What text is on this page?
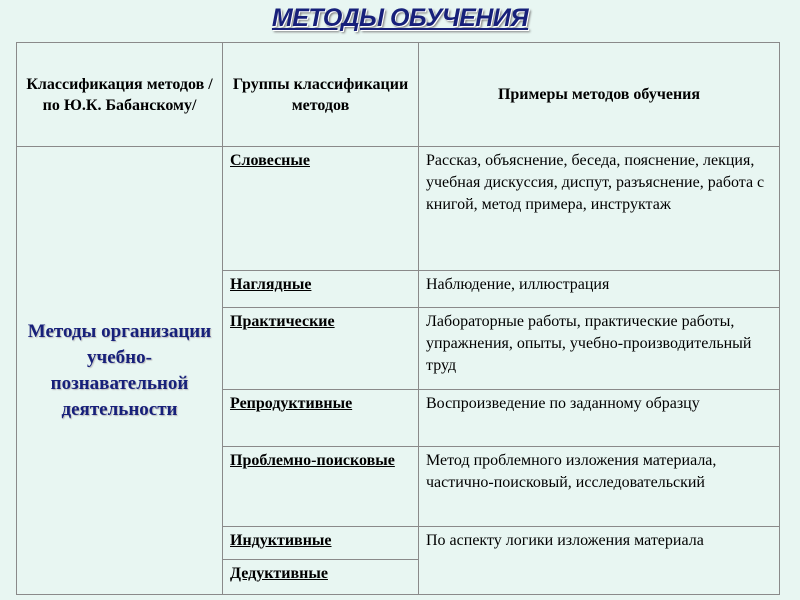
МЕТОДЫ ОБУЧЕНИЯ
Классификация методов /по Ю.К. Бабанскому/	Группы классификации методов	Примеры методов обучения
Методы организации учебно-познавательной деятельности	Словесные	Рассказ, объяснение, беседа, пояснение, лекция, учебная дискуссия, диспут, разъяснение, работа с книгой, метод примера, инструктаж
	Наглядные	Наблюдение, иллюстрация
	Практические	Лабораторные работы, практические работы, упражнения, опыты, учебно-производительный труд
	Репродуктивные	Воспроизведение по заданному образцу
	Проблемно-поисковые	Метод проблемного изложения материала, частично-поисковый, исследовательский
	Индуктивные	По аспекту логики изложения материала
	Дедуктивные	
